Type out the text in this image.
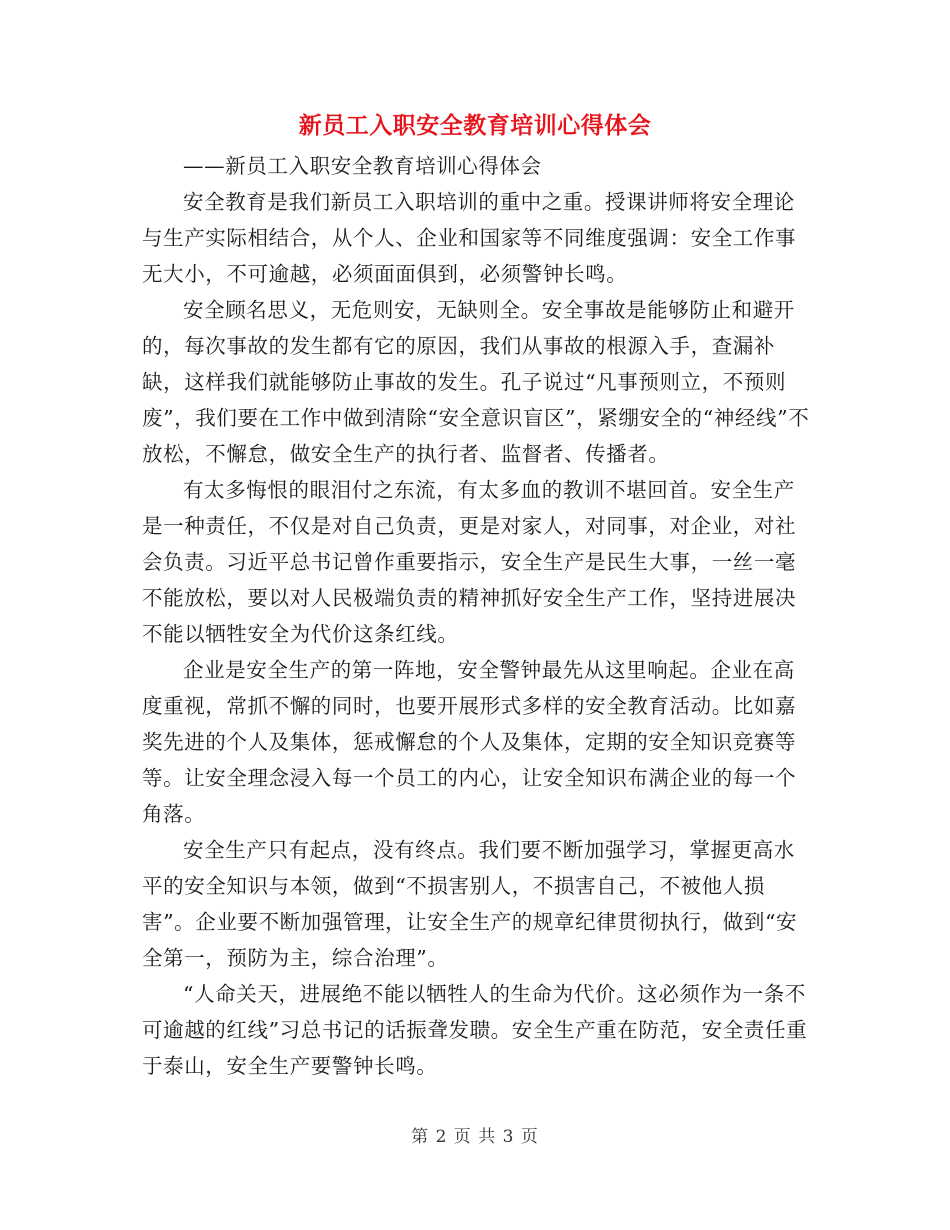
新员工入职安全教育培训心得体会

——新员工入职安全教育培训心得体会

安全教育是我们新员工入职培训的重中之重。授课讲师将安全理论与生产实际相结合，从个人、企业和国家等不同维度强调：安全工作事无大小，不可逾越，必须面面俱到，必须警钟长鸣。

安全顾名思义，无危则安，无缺则全。安全事故是能够防止和避开的，每次事故的发生都有它的原因，我们从事故的根源入手，查漏补缺，这样我们就能够防止事故的发生。孔子说过“凡事预则立，不预则废”，我们要在工作中做到清除“安全意识盲区”，紧绷安全的“神经线”不放松，不懈怠，做安全生产的执行者、监督者、传播者。

有太多悔恨的眼泪付之东流，有太多血的教训不堪回首。安全生产是一种责任，不仅是对自己负责，更是对家人，对同事，对企业，对社会负责。习近平总书记曾作重要指示，安全生产是民生大事，一丝一毫不能放松，要以对人民极端负责的精神抓好安全生产工作，坚持进展决不能以牺牲安全为代价这条红线。

企业是安全生产的第一阵地，安全警钟最先从这里响起。企业在高度重视，常抓不懈的同时，也要开展形式多样的安全教育活动。比如嘉奖先进的个人及集体，惩戒懈怠的个人及集体，定期的安全知识竞赛等等。让安全理念浸入每一个员工的内心，让安全知识布满企业的每一个角落。

安全生产只有起点，没有终点。我们要不断加强学习，掌握更高水平的安全知识与本领，做到“不损害别人，不损害自己，不被他人损害”。企业要不断加强管理，让安全生产的规章纪律贯彻执行，做到“安全第一，预防为主，综合治理”。

“人命关天，进展绝不能以牺牲人的生命为代价。这必须作为一条不可逾越的红线”习总书记的话振聋发聩。安全生产重在防范，安全责任重于泰山，安全生产要警钟长鸣。

第 2 页 共 3 页
